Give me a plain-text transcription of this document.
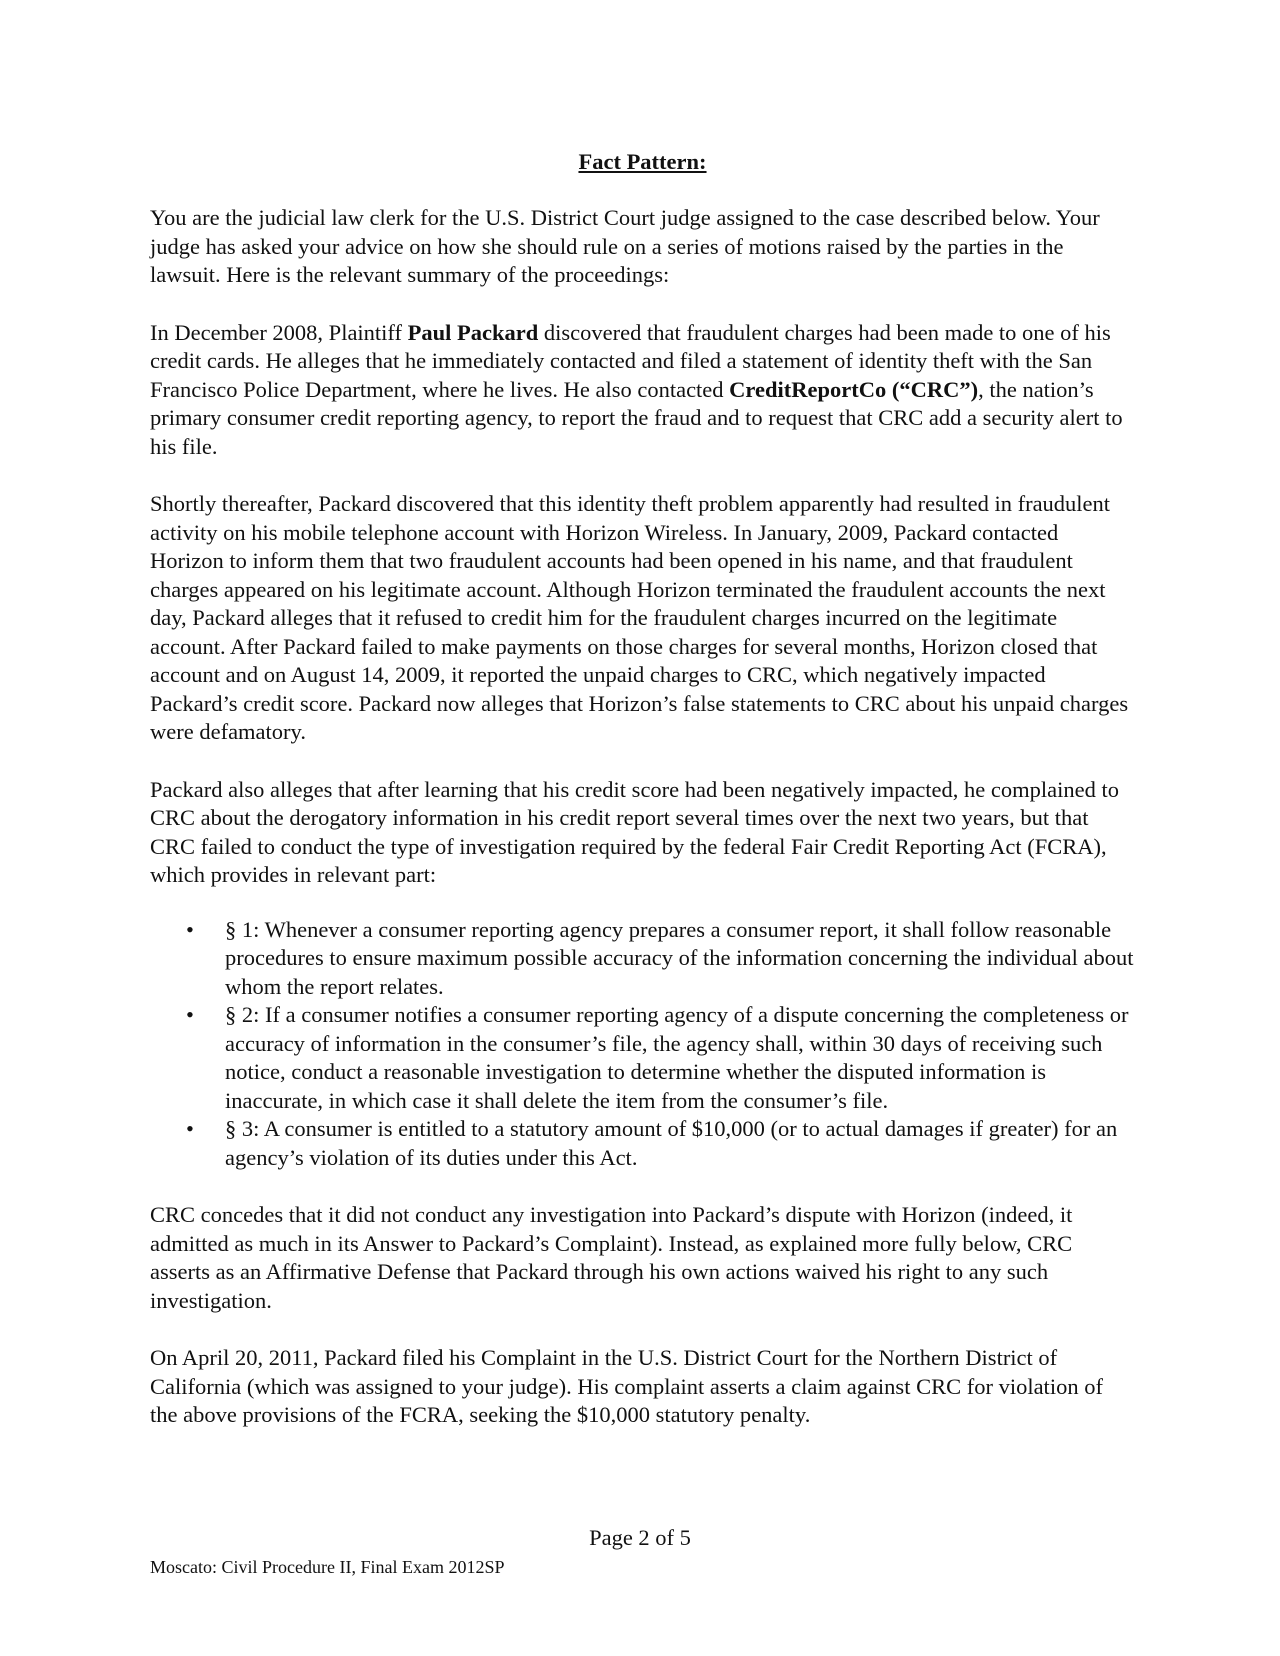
Fact Pattern:

You are the judicial law clerk for the U.S. District Court judge assigned to the case described below. Your judge has asked your advice on how she should rule on a series of motions raised by the parties in the lawsuit. Here is the relevant summary of the proceedings:

In December 2008, Plaintiff Paul Packard discovered that fraudulent charges had been made to one of his credit cards. He alleges that he immediately contacted and filed a statement of identity theft with the San Francisco Police Department, where he lives. He also contacted CreditReportCo (“CRC”), the nation’s primary consumer credit reporting agency, to report the fraud and to request that CRC add a security alert to his file.

Shortly thereafter, Packard discovered that this identity theft problem apparently had resulted in fraudulent activity on his mobile telephone account with Horizon Wireless. In January, 2009, Packard contacted Horizon to inform them that two fraudulent accounts had been opened in his name, and that fraudulent charges appeared on his legitimate account. Although Horizon terminated the fraudulent accounts the next day, Packard alleges that it refused to credit him for the fraudulent charges incurred on the legitimate account. After Packard failed to make payments on those charges for several months, Horizon closed that account and on August 14, 2009, it reported the unpaid charges to CRC, which negatively impacted Packard’s credit score. Packard now alleges that Horizon’s false statements to CRC about his unpaid charges were defamatory.

Packard also alleges that after learning that his credit score had been negatively impacted, he complained to CRC about the derogatory information in his credit report several times over the next two years, but that CRC failed to conduct the type of investigation required by the federal Fair Credit Reporting Act (FCRA), which provides in relevant part:

• § 1: Whenever a consumer reporting agency prepares a consumer report, it shall follow reasonable procedures to ensure maximum possible accuracy of the information concerning the individual about whom the report relates.
• § 2: If a consumer notifies a consumer reporting agency of a dispute concerning the completeness or accuracy of information in the consumer’s file, the agency shall, within 30 days of receiving such notice, conduct a reasonable investigation to determine whether the disputed information is inaccurate, in which case it shall delete the item from the consumer’s file.
• § 3: A consumer is entitled to a statutory amount of $10,000 (or to actual damages if greater) for an agency’s violation of its duties under this Act.

CRC concedes that it did not conduct any investigation into Packard’s dispute with Horizon (indeed, it admitted as much in its Answer to Packard’s Complaint). Instead, as explained more fully below, CRC asserts as an Affirmative Defense that Packard through his own actions waived his right to any such investigation.

On April 20, 2011, Packard filed his Complaint in the U.S. District Court for the Northern District of California (which was assigned to your judge). His complaint asserts a claim against CRC for violation of the above provisions of the FCRA, seeking the $10,000 statutory penalty.

Page 2 of 5
Moscato: Civil Procedure II, Final Exam 2012SP
